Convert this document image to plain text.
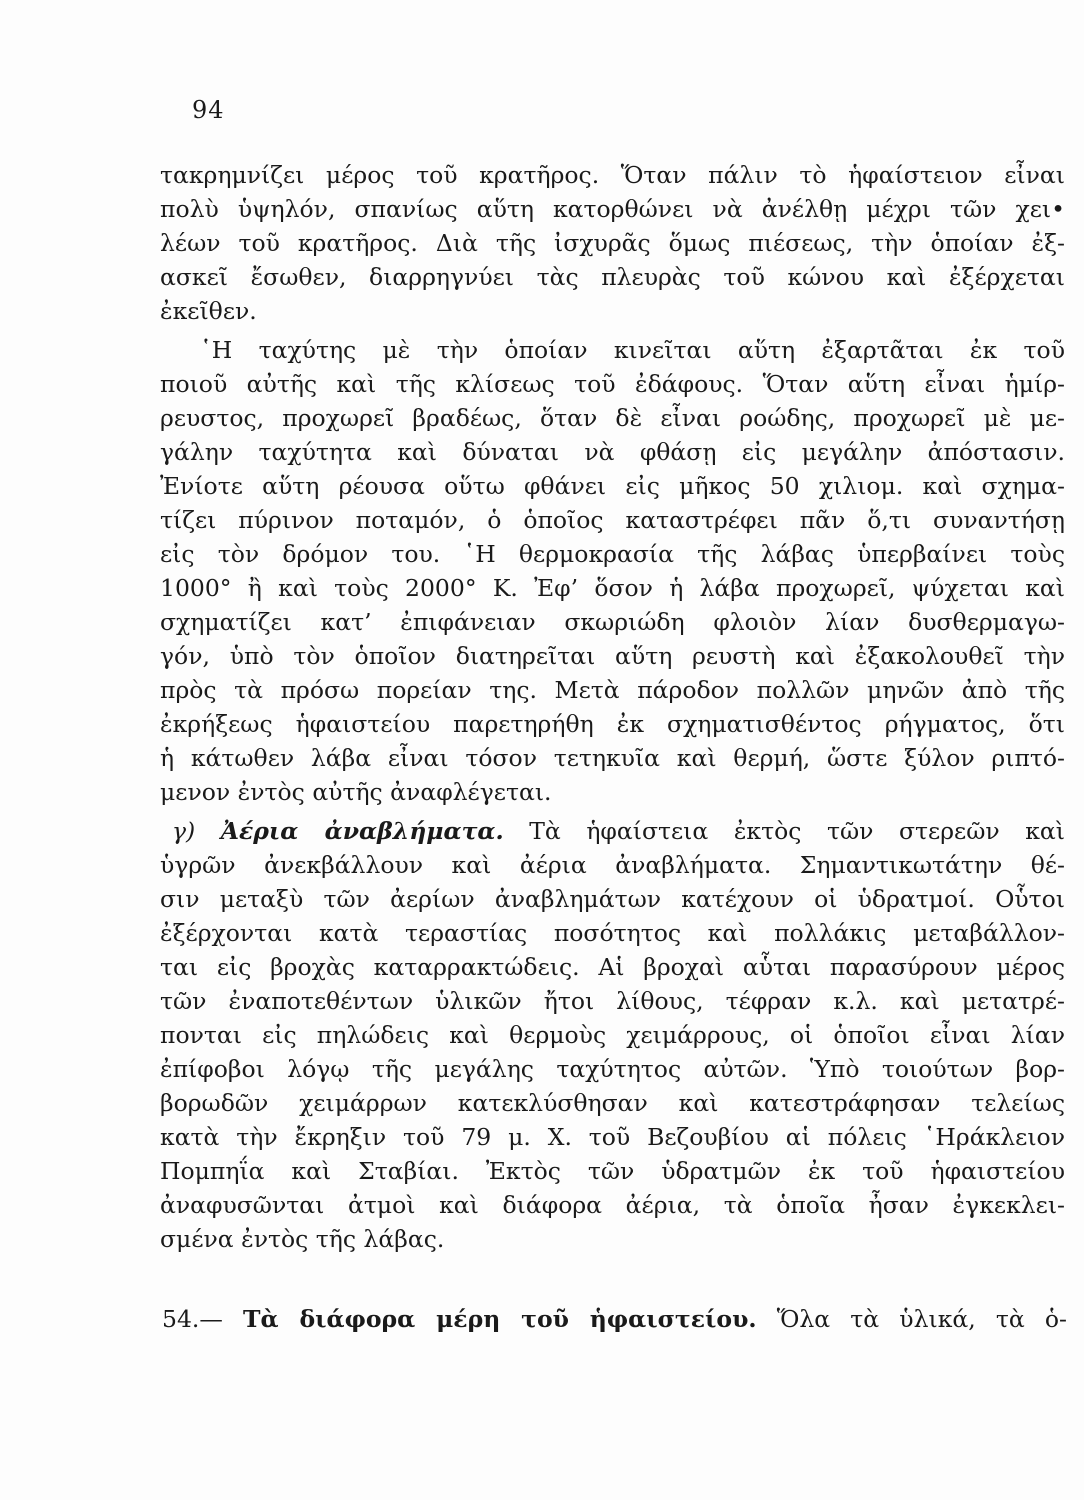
94
τακρημνίζει μέρος τοῦ κρατῆρος. Ὅταν πάλιν τὸ ἡφαίστειον εἶναι
πολὺ ὑψηλόν, σπανίως αὕτη κατορθώνει νὰ ἀνέλθῃ μέχρι τῶν χει•
λέων τοῦ κρατῆρος. Διὰ τῆς ἰσχυρᾶς ὅμως πιέσεως, τὴν ὁποίαν ἐξ-
ασκεῖ ἔσωθεν, διαρρηγνύει τὰς πλευρὰς τοῦ κώνου καὶ ἐξέρχεται
ἐκεῖθεν.
῾Η ταχύτης μὲ τὴν ὁποίαν κινεῖται αὕτη ἐξαρτᾶται ἐκ τοῦ
ποιοῦ αὐτῆς καὶ τῆς κλίσεως τοῦ ἐδάφους. Ὅταν αὕτη εἶναι ἡμίρ-
ρευστος, προχωρεῖ βραδέως, ὅταν δὲ εἶναι ροώδης, προχωρεῖ μὲ με-
γάλην ταχύτητα καὶ δύναται νὰ φθάσῃ εἰς μεγάλην ἀπόστασιν.
Ἐνίοτε αὕτη ρέουσα οὕτω φθάνει εἰς μῆκος 50 χιλιομ. καὶ σχημα-
τίζει πύρινον ποταμόν, ὁ ὁποῖος καταστρέφει πᾶν ὅ,τι συναντήσῃ
εἰς τὸν δρόμον του. ῾Η θερμοκρασία τῆς λάβας ὑπερβαίνει τοὺς
1000° ἢ καὶ τοὺς 2000° Κ. Ἐφ’ ὅσον ἡ λάβα προχωρεῖ, ψύχεται καὶ
σχηματίζει κατ’ ἐπιφάνειαν σκωριώδη φλοιὸν λίαν δυσθερμαγω-
γόν, ὑπὸ τὸν ὁποῖον διατηρεῖται αὕτη ρευστὴ καὶ ἐξακολουθεῖ τὴν
πρὸς τὰ πρόσω πορείαν της. Μετὰ πάροδον πολλῶν μηνῶν ἀπὸ τῆς
ἐκρήξεως ἡφαιστείου παρετηρήθη ἐκ σχηματισθέντος ρήγματος, ὅτι
ἡ κάτωθεν λάβα εἶναι τόσον τετηκυῖα καὶ θερμή, ὥστε ξύλον ριπτό-
μενον ἐντὸς αὐτῆς ἀναφλέγεται.
γ) Ἀέρια ἀναβλήματα. Τὰ ἡφαίστεια ἐκτὸς τῶν στερεῶν καὶ
ὑγρῶν ἀνεκβάλλουν καὶ ἀέρια ἀναβλήματα. Σημαντικωτάτην θέ-
σιν μεταξὺ τῶν ἀερίων ἀναβλημάτων κατέχουν οἱ ὑδρατμοί. Οὗτοι
ἐξέρχονται κατὰ τεραστίας ποσότητος καὶ πολλάκις μεταβάλλον-
ται εἰς βροχὰς καταρρακτώδεις. Αἱ βροχαὶ αὗται παρασύρουν μέρος
τῶν ἐναποτεθέντων ὑλικῶν ἤτοι λίθους, τέφραν κ.λ. καὶ μετατρέ-
πονται εἰς πηλώδεις καὶ θερμοὺς χειμάρρους, οἱ ὁποῖοι εἶναι λίαν
ἐπίφοβοι λόγῳ τῆς μεγάλης ταχύτητος αὐτῶν. Ὑπὸ τοιούτων βορ-
βορωδῶν χειμάρρων κατεκλύσθησαν καὶ κατεστράφησαν τελείως
κατὰ τὴν ἔκρηξιν τοῦ 79 μ. Χ. τοῦ Βεζουβίου αἱ πόλεις ῾Ηράκλειον
Πομπηΐα καὶ Σταβίαι. Ἐκτὸς τῶν ὑδρατμῶν ἐκ τοῦ ἡφαιστείου
ἀναφυσῶνται ἀτμοὶ καὶ διάφορα ἀέρια, τὰ ὁποῖα ἦσαν ἐγκεκλει-
σμένα ἐντὸς τῆς λάβας.
54.— Τὰ διάφορα μέρη τοῦ ἡφαιστείου. Ὅλα τὰ ὑλικά, τὰ ὁ-
